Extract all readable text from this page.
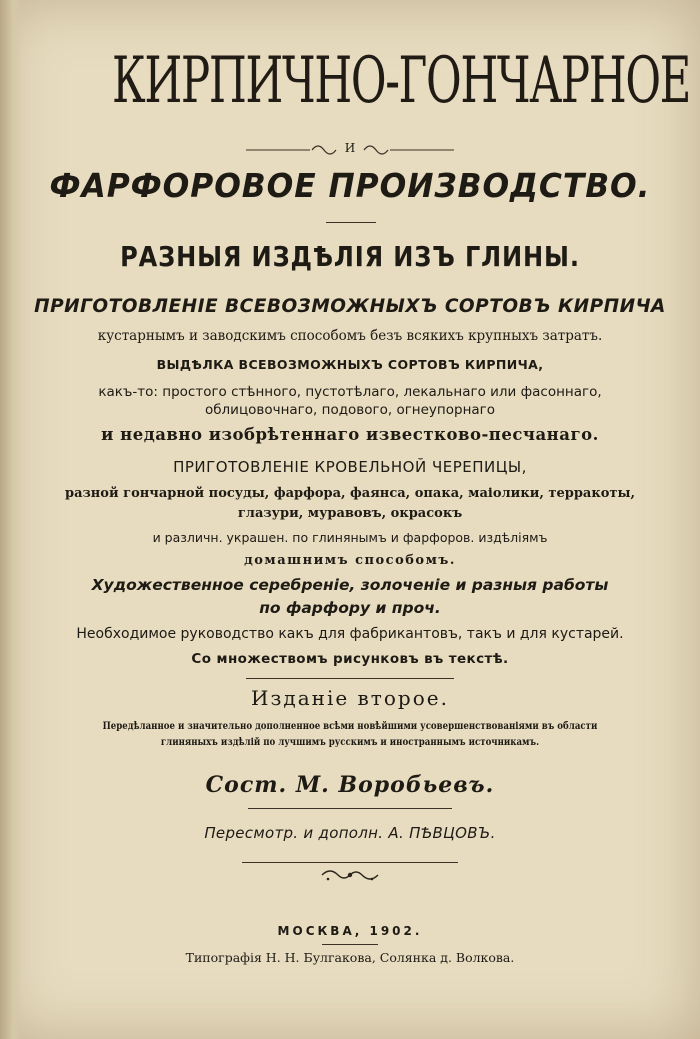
КИРПИЧНО-ГОНЧАРНОЕ
И
ФАРФОРОВОЕ ПРОИЗВОДСТВО.
РАЗНЫЯ ИЗДѢЛІЯ ИЗЪ ГЛИНЫ.
ПРИГОТОВЛЕНІЕ ВСЕВОЗМОЖНЫХЪ СОРТОВЪ КИРПИЧА
кустарнымъ и заводскимъ способомъ безъ всякихъ крупныхъ затратъ.
ВЫДѢЛКА ВСЕВОЗМОЖНЫХЪ СОРТОВЪ КИРПИЧА,
какъ-то: простого стѣнного, пустотѣлаго, лекальнаго или фасоннаго,
облицовочнаго, подового, огнеупорнаго
и недавно изобрѣтеннаго известково-песчанаго.
ПРИГОТОВЛЕНІЕ КРОВЕЛЬНОЙ ЧЕРЕПИЦЫ,
разной гончарной посуды, фарфора, фаянса, опака, маіолики, терракоты,
глазури, муравовъ, окрасокъ
и различн. украшен. по глинянымъ и фарфоров. издѣліямъ
домашнимъ способомъ.
Художественное серебреніе, золоченіе и разныя работы
по фарфору и проч.
Необходимое руководство какъ для фабрикантовъ, такъ и для кустарей.
Со множествомъ рисунковъ въ текстѣ.
Изданіе второе.
Передѣланное и значительно дополненное всѣми новѣйшими усовершенствованіями въ области
глиняныхъ издѣлій по лучшимъ русскимъ и иностраннымъ источникамъ.
Сост. М. Воробьевъ.
Пересмотр. и дополн. А. ПѢВЦОВЪ.
МОСКВА, 1902.
Типографія Н. Н. Булгакова, Солянка д. Волкова.
